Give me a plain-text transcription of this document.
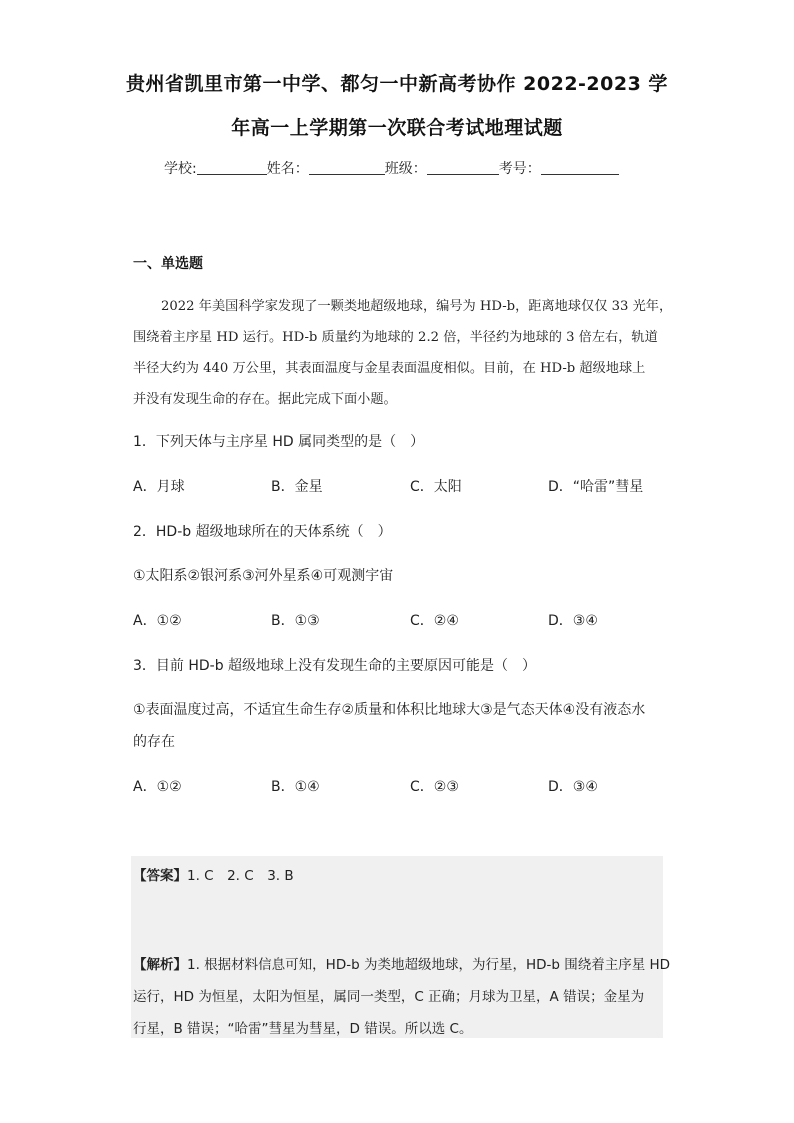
贵州省凯里市第一中学、都匀一中新高考协作 2022-2023 学
年高一上学期第一次联合考试地理试题
学校:	姓名：	班级：	考号：
一、单选题
2022 年美国科学家发现了一颗类地超级地球，编号为 HD-b，距离地球仅仅 33 光年，
围绕着主序星 HD 运行。HD-b 质量约为地球的 2.2 倍，半径约为地球的 3 倍左右，轨道
半径大约为 440 万公里，其表面温度与金星表面温度相似。目前，在 HD-b 超级地球上
并没有发现生命的存在。据此完成下面小题。
1．下列天体与主序星 HD 属同类型的是（　）
A．月球	B．金星	C．太阳	D．“哈雷”彗星
2．HD-b 超级地球所在的天体系统（　）
①太阳系②银河系③河外星系④可观测宇宙
A．①②	B．①③	C．②④	D．③④
3．目前 HD-b 超级地球上没有发现生命的主要原因可能是（　）
①表面温度过高，不适宜生命生存②质量和体积比地球大③是气态天体④没有液态水
的存在
A．①②	B．①④	C．②③	D．③④
【答案】1. C　2. C　3. B
【解析】1. 根据材料信息可知，HD-b 为类地超级地球，为行星，HD-b 围绕着主序星 HD
运行，HD 为恒星，太阳为恒星，属同一类型，C 正确；月球为卫星，A 错误；金星为
行星，B 错误；“哈雷”彗星为彗星，D 错误。所以选 C。
